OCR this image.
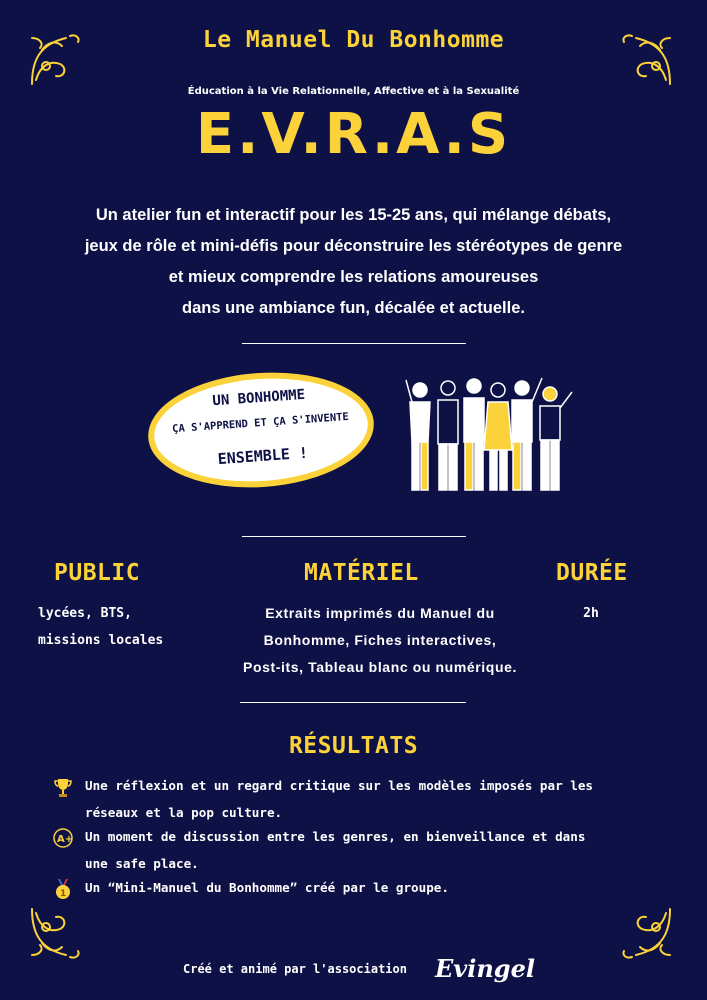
Le Manuel Du Bonhomme
Éducation à la Vie Relationnelle, Affective et à la Sexualité
E.V.R.A.S
Un atelier fun et interactif pour les 15-25 ans, qui mélange débats,
jeux de rôle et mini-défis pour déconstruire les stéréotypes de genre
et mieux comprendre les relations amoureuses
dans une ambiance fun, décalée et actuelle.
UN BONHOMME
ÇA S'APPREND ET ÇA S'INVENTE
ENSEMBLE !
PUBLIC	MATÉRIEL	DURÉE
lycées, BTS,
missions locales
Extraits imprimés du Manuel du
Bonhomme, Fiches interactives,
Post-its, Tableau blanc ou numérique.
2h
RÉSULTATS
Une réflexion et un regard critique sur les modèles imposés par les
réseaux et la pop culture.
A+ Un moment de discussion entre les genres, en bienveillance et dans
une safe place.
1 Un “Mini-Manuel du Bonhomme” créé par le groupe.
Créé et animé par l'association Evingel
